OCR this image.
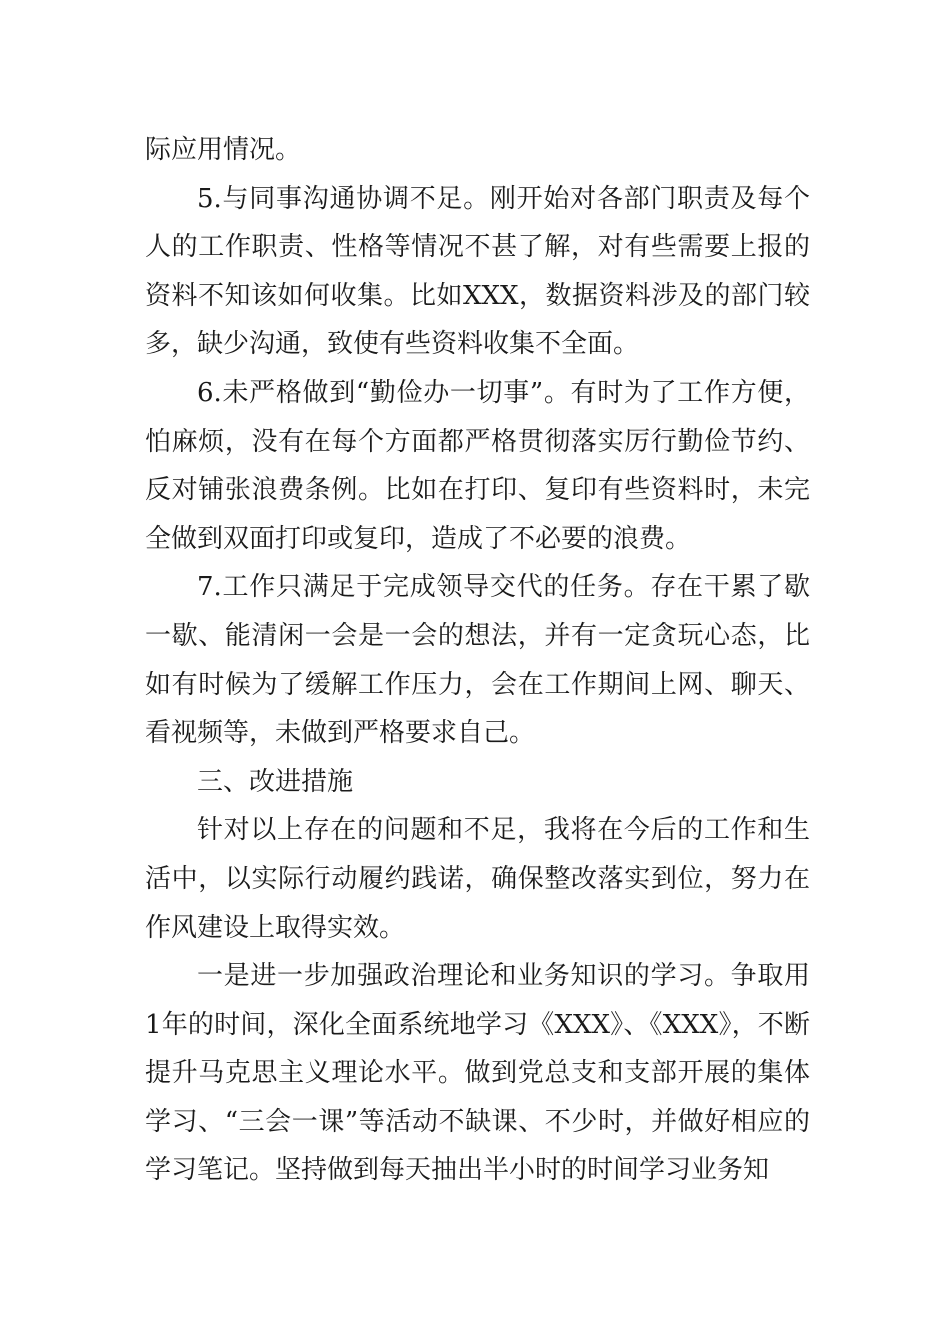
际应用情况。

5.与同事沟通协调不足。刚开始对各部门职责及每个人的工作职责、性格等情况不甚了解，对有些需要上报的资料不知该如何收集。比如XXX，数据资料涉及的部门较多，缺少沟通，致使有些资料收集不全面。

6.未严格做到“勤俭办一切事”。有时为了工作方便，怕麻烦，没有在每个方面都严格贯彻落实厉行勤俭节约、反对铺张浪费条例。比如在打印、复印有些资料时，未完全做到双面打印或复印，造成了不必要的浪费。

7.工作只满足于完成领导交代的任务。存在干累了歇一歇、能清闲一会是一会的想法，并有一定贪玩心态，比如有时候为了缓解工作压力，会在工作期间上网、聊天、看视频等，未做到严格要求自己。

三、改进措施

针对以上存在的问题和不足，我将在今后的工作和生活中，以实际行动履约践诺，确保整改落实到位，努力在作风建设上取得实效。

一是进一步加强政治理论和业务知识的学习。争取用1年的时间，深化全面系统地学习《XXX》、《XXX》，不断提升马克思主义理论水平。做到党总支和支部开展的集体学习、“三会一课”等活动不缺课、不少时，并做好相应的学习笔记。坚持做到每天抽出半小时的时间学习业务知
